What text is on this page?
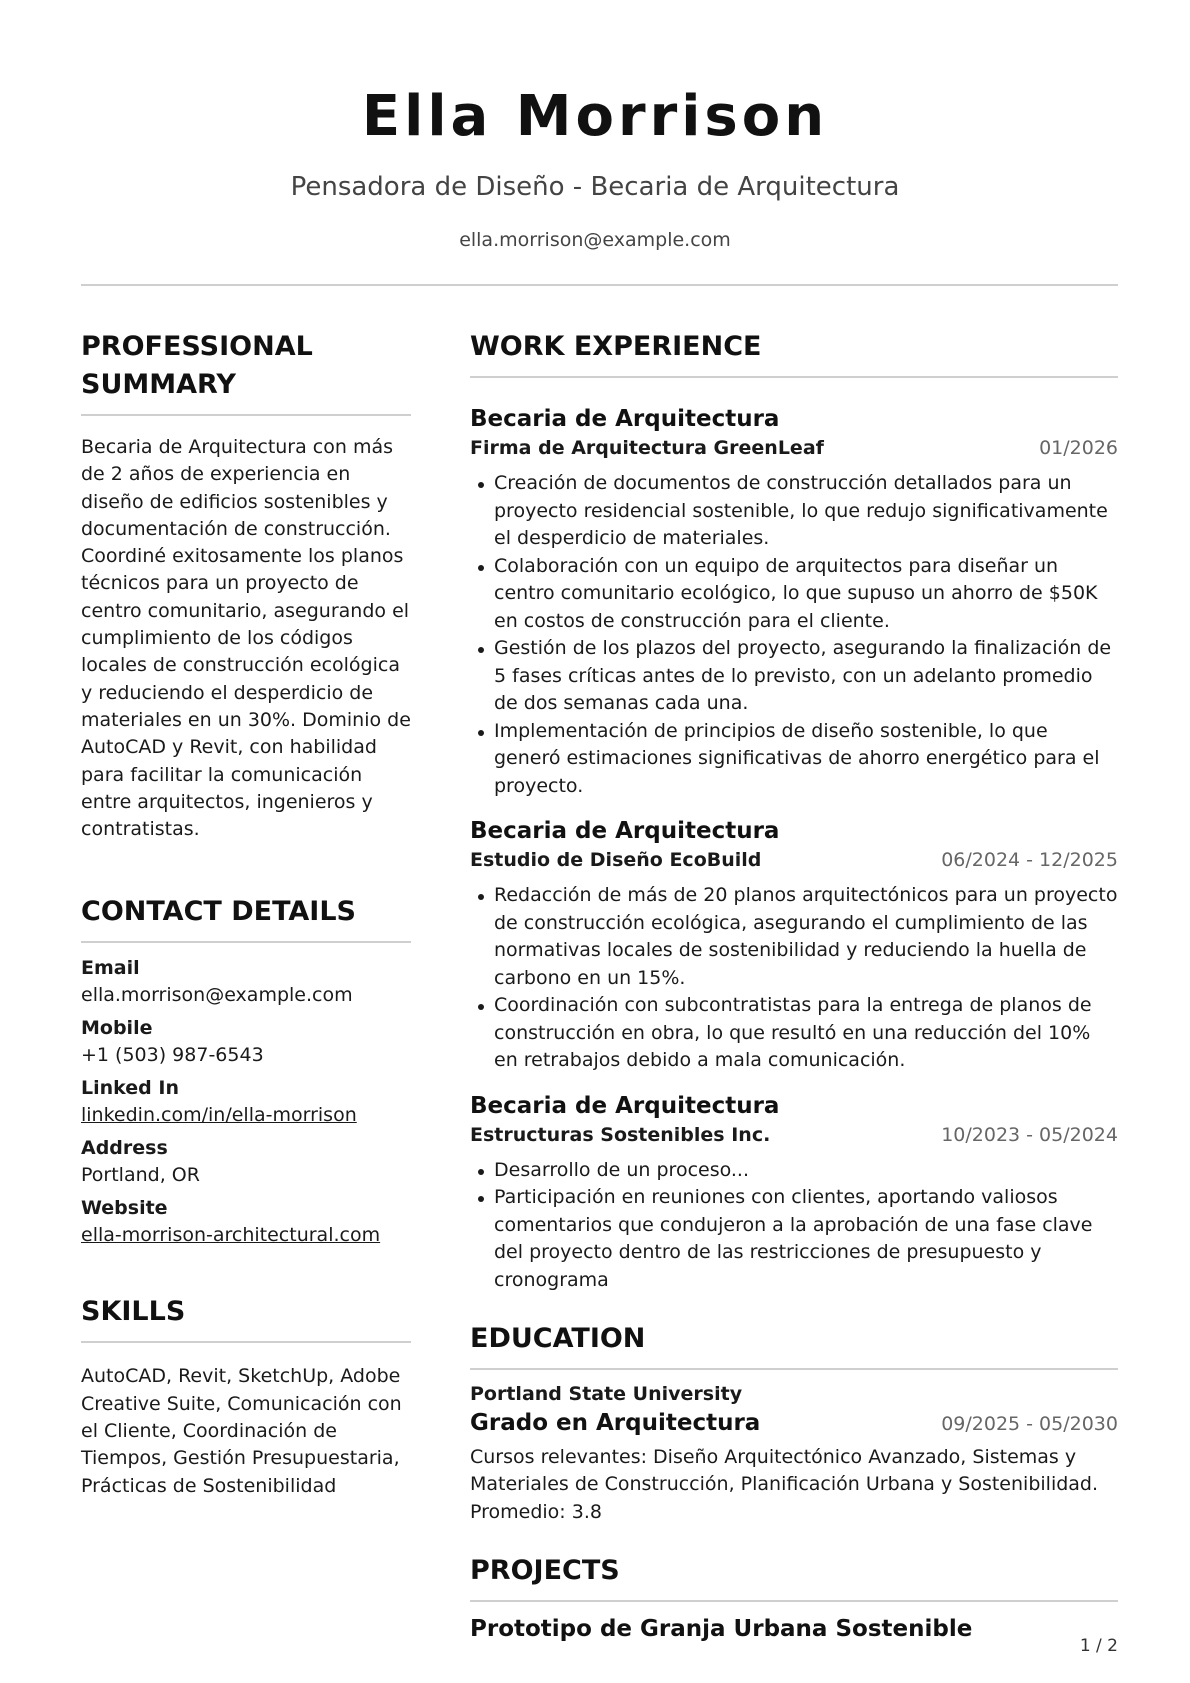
Ella Morrison
Pensadora de Diseño - Becaria de Arquitectura
ella.morrison@example.com
PROFESSIONAL SUMMARY
Becaria de Arquitectura con más de 2 años de experiencia en diseño de edificios sostenibles y documentación de construcción. Coordiné exitosamente los planos técnicos para un proyecto de centro comunitario, asegurando el cumplimiento de los códigos locales de construcción ecológica y reduciendo el desperdicio de materiales en un 30%. Dominio de AutoCAD y Revit, con habilidad para facilitar la comunicación entre arquitectos, ingenieros y contratistas.
CONTACT DETAILS
Email
ella.morrison@example.com
Mobile
+1 (503) 987-6543
Linked In
linkedin.com/in/ella-morrison
Address
Portland, OR
Website
ella-morrison-architectural.com
SKILLS
AutoCAD, Revit, SketchUp, Adobe Creative Suite, Comunicación con el Cliente, Coordinación de Tiempos, Gestión Presupuestaria, Prácticas de Sostenibilidad
WORK EXPERIENCE
Becaria de Arquitectura
Firma de Arquitectura GreenLeaf	01/2026
Creación de documentos de construcción detallados para un proyecto residencial sostenible, lo que redujo significativamente el desperdicio de materiales.
Colaboración con un equipo de arquitectos para diseñar un centro comunitario ecológico, lo que supuso un ahorro de $50K en costos de construcción para el cliente.
Gestión de los plazos del proyecto, asegurando la finalización de 5 fases críticas antes de lo previsto, con un adelanto promedio de dos semanas cada una.
Implementación de principios de diseño sostenible, lo que generó estimaciones significativas de ahorro energético para el proyecto.
Becaria de Arquitectura
Estudio de Diseño EcoBuild	06/2024 - 12/2025
Redacción de más de 20 planos arquitectónicos para un proyecto de construcción ecológica, asegurando el cumplimiento de las normativas locales de sostenibilidad y reduciendo la huella de carbono en un 15%.
Coordinación con subcontratistas para la entrega de planos de construcción en obra, lo que resultó en una reducción del 10% en retrabajos debido a mala comunicación.
Becaria de Arquitectura
Estructuras Sostenibles Inc.	10/2023 - 05/2024
Desarrollo de un proceso...
Participación en reuniones con clientes, aportando valiosos comentarios que condujeron a la aprobación de una fase clave del proyecto dentro de las restricciones de presupuesto y cronograma
EDUCATION
Portland State University
Grado en Arquitectura	09/2025 - 05/2030
Cursos relevantes: Diseño Arquitectónico Avanzado, Sistemas y Materiales de Construcción, Planificación Urbana y Sostenibilidad. Promedio: 3.8
PROJECTS
Prototipo de Granja Urbana Sostenible
1 / 2
